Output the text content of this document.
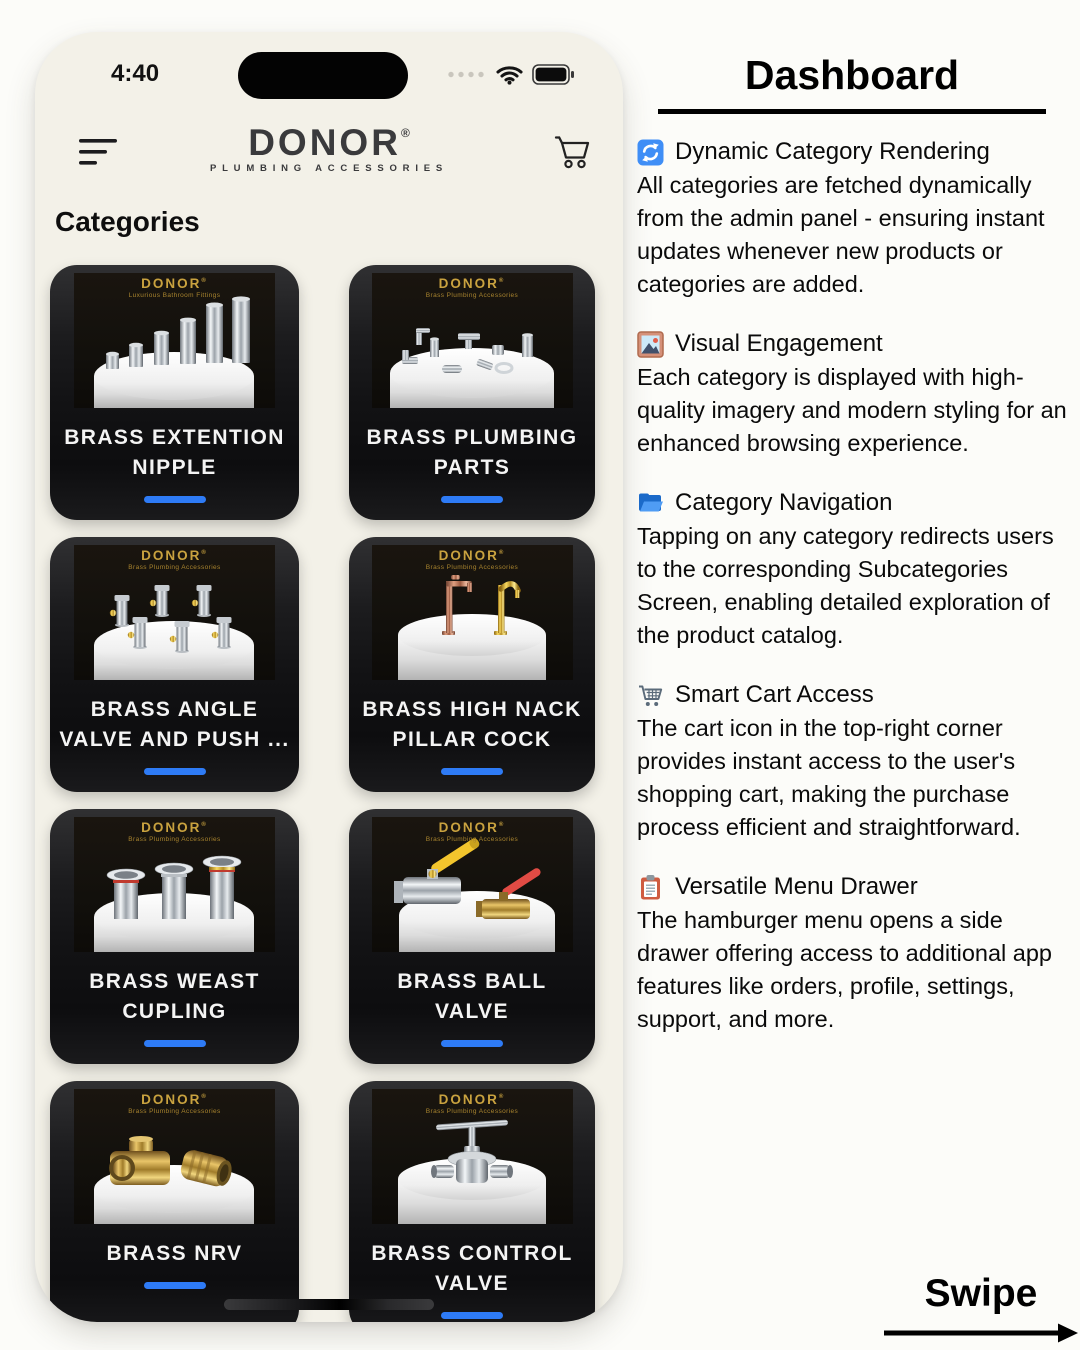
4:40
DONOR®
PLUMBING ACCESSORIES
Categories
DONOR®
Luxurious Bathroom Fittings
BRASS EXTENTION NIPPLE
DONOR®
Brass Plumbing Accessories
BRASS PLUMBING PARTS
DONOR®
Brass Plumbing Accessories
BRASS ANGLE VALVE AND PUSH ...
DONOR®
Brass Plumbing Accessories
BRASS HIGH NACK PILLAR COCK
DONOR®
Brass Plumbing Accessories
BRASS WEAST CUPLING
DONOR®
Brass Plumbing Accessories
BRASS BALL VALVE
DONOR®
Brass Plumbing Accessories
BRASS NRV
DONOR®
Brass Plumbing Accessories
BRASS CONTROL VALVE
Dashboard
Dynamic Category Rendering
All categories are fetched dynamically from the admin panel - ensuring instant updates whenever new products or categories are added.
Visual Engagement
Each category is displayed with high-quality imagery and modern styling for an enhanced browsing experience.
Category Navigation
Tapping on any category redirects users to the corresponding Subcategories Screen, enabling detailed exploration of the product catalog.
Smart Cart Access
The cart icon in the top-right corner provides instant access to the user's shopping cart, making the purchase process efficient and straightforward.
Versatile Menu Drawer
The hamburger menu opens a side drawer offering access to additional app features like orders, profile, settings, support, and more.
Swipe
